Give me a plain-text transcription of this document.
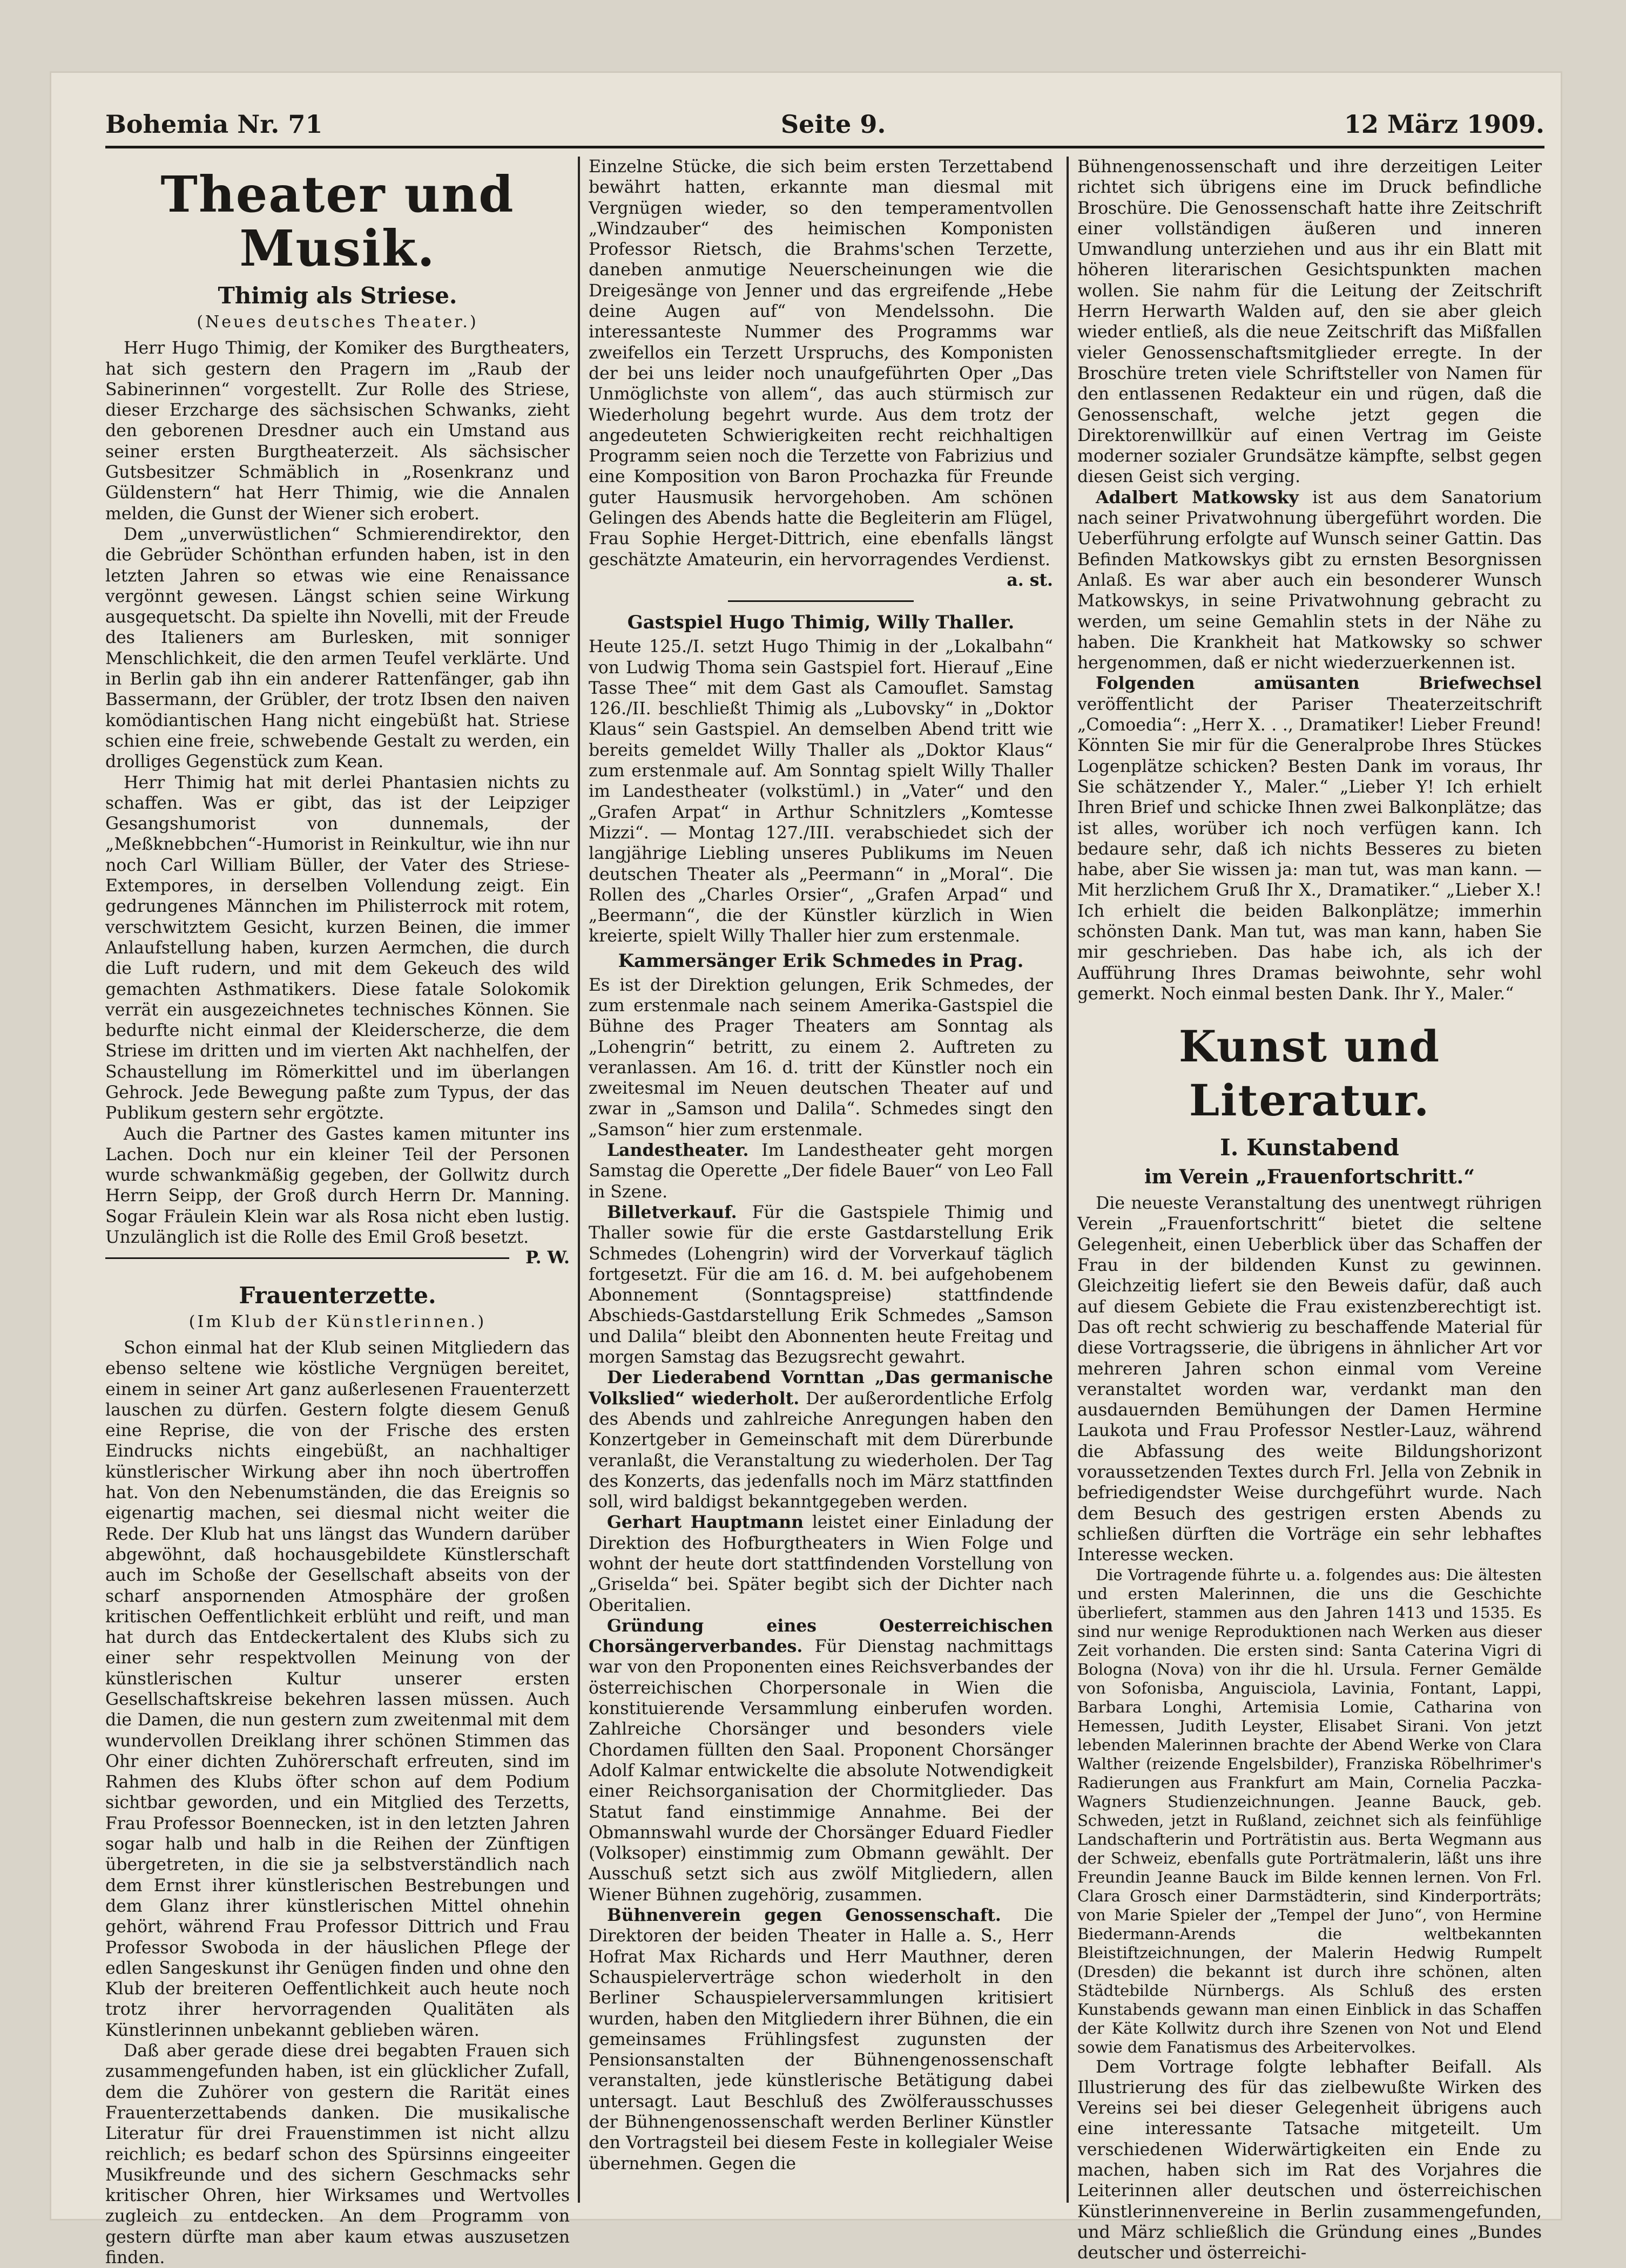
Bohemia Nr. 71	Seite 9.	12 März 1909.
Theater und Musik.
Thimig als Striese.
(Neues deutsches Theater.)

Herr Hugo Thimig, der Komiker des Burgtheaters, hat sich gestern den Pragern im „Raub der Sabinerinnen“ vorgestellt. Zur Rolle des Striese, dieser Erzcharge des sächsischen Schwanks, zieht den geborenen Dresdner auch ein Umstand aus seiner ersten Burgtheaterzeit. Als sächsischer Gutsbesitzer Schmäblich in „Rosenkranz und Güldenstern“ hat Herr Thimig, wie die Annalen melden, die Gunst der Wiener sich erobert.

Dem „unverwüstlichen“ Schmierendirektor, den die Gebrüder Schönthan erfunden haben, ist in den letzten Jahren so etwas wie eine Renaissance vergönnt gewesen. Längst schien seine Wirkung ausgequetscht. Da spielte ihn Novelli, mit der Freude des Italieners am Burlesken, mit sonniger Menschlichkeit, die den armen Teufel verklärte. Und in Berlin gab ihn ein anderer Rattenfänger, gab ihn Bassermann, der Grübler, der trotz Ibsen den naiven komödiantischen Hang nicht eingebüßt hat. Striese schien eine freie, schwebende Gestalt zu werden, ein drolliges Gegenstück zum Kean.

Herr Thimig hat mit derlei Phantasien nichts zu schaffen. Was er gibt, das ist der Leipziger Gesangshumorist von dunnemals, der „Meßknebbchen“-Humorist in Reinkultur, wie ihn nur noch Carl William Büller, der Vater des Striese-Extempores, in derselben Vollendung zeigt. Ein gedrungenes Männchen im Philisterrock mit rotem, verschwitztem Gesicht, kurzen Beinen, die immer Anlaufstellung haben, kurzen Aermchen, die durch die Luft rudern, und mit dem Gekeuch des wild gemachten Asthmatikers. Diese fatale Solokomik verrät ein ausgezeichnetes technisches Können. Sie bedurfte nicht einmal der Kleiderscherze, die dem Striese im dritten und im vierten Akt nachhelfen, der Schaustellung im Römerkittel und im überlangen Gehrock. Jede Bewegung paßte zum Typus, der das Publikum gestern sehr ergötzte.

Auch die Partner des Gastes kamen mitunter ins Lachen. Doch nur ein kleiner Teil der Personen wurde schwankmäßig gegeben, der Gollwitz durch Herrn Seipp, der Groß durch Herrn Dr. Manning. Sogar Fräulein Klein war als Rosa nicht eben lustig. Unzulänglich ist die Rolle des Emil Groß besetzt.

P. W.
Frauenterzette.
(Im Klub der Künstlerinnen.)

Schon einmal hat der Klub seinen Mitgliedern das ebenso seltene wie köstliche Vergnügen bereitet, einem in seiner Art ganz außerlesenen Frauenterzett lauschen zu dürfen. Gestern folgte diesem Genuß eine Reprise, die von der Frische des ersten Eindrucks nichts eingebüßt, an nachhaltiger künstlerischer Wirkung aber ihn noch übertroffen hat. Von den Nebenumständen, die das Ereignis so eigenartig machen, sei diesmal nicht weiter die Rede. Der Klub hat uns längst das Wundern darüber abgewöhnt, daß hochausgebildete Künstlerschaft auch im Schoße der Gesellschaft abseits von der scharf anspornenden Atmosphäre der großen kritischen Oeffentlichkeit erblüht und reift, und man hat durch das Entdeckertalent des Klubs sich zu einer sehr respektvollen Meinung von der künstlerischen Kultur unserer ersten Gesellschaftskreise bekehren lassen müssen. Auch die Damen, die nun gestern zum zweitenmal mit dem wundervollen Dreiklang ihrer schönen Stimmen das Ohr einer dichten Zuhörerschaft erfreuten, sind im Rahmen des Klubs öfter schon auf dem Podium sichtbar geworden, und ein Mitglied des Terzetts, Frau Professor Boennecken, ist in den letzten Jahren sogar halb und halb in die Reihen der Zünftigen übergetreten, in die sie ja selbstverständlich nach dem Ernst ihrer künstlerischen Bestrebungen und dem Glanz ihrer künstlerischen Mittel ohnehin gehört, während Frau Professor Dittrich und Frau Professor Swoboda in der häuslichen Pflege der edlen Sangeskunst ihr Genügen finden und ohne den Klub der breiteren Oeffentlichkeit auch heute noch trotz ihrer hervorragenden Qualitäten als Künstlerinnen unbekannt geblieben wären.

Daß aber gerade diese drei begabten Frauen sich zusammengefunden haben, ist ein glücklicher Zufall, dem die Zuhörer von gestern die Rarität eines Frauenterzettabends danken. Die musikalische Literatur für drei Frauenstimmen ist nicht allzu reichlich; es bedarf schon des Spürsinns eingeeiter Musikfreunde und des sichern Geschmacks sehr kritischer Ohren, hier Wirksames und Wertvolles zugleich zu entdecken. An dem Programm von gestern dürfte man aber kaum etwas auszusetzen finden.

Einzelne Stücke, die sich beim ersten Terzettabend bewährt hatten, erkannte man diesmal mit Vergnügen wieder, so den temperamentvollen „Windzauber“ des heimischen Komponisten Professor Rietsch, die Brahms'schen Terzette, daneben anmutige Neuerscheinungen wie die Dreigesänge von Jenner und das ergreifende „Hebe deine Augen auf“ von Mendelssohn. Die interessanteste Nummer des Programms war zweifellos ein Terzett Urspruchs, des Komponisten der bei uns leider noch unaufgeführten Oper „Das Unmöglichste von allem“, das auch stürmisch zur Wiederholung begehrt wurde. Aus dem trotz der angedeuteten Schwierigkeiten recht reichhaltigen Programm seien noch die Terzette von Fabrizius und eine Komposition von Baron Prochazka für Freunde guter Hausmusik hervorgehoben. Am schönen Gelingen des Abends hatte die Begleiterin am Flügel, Frau Sophie Herget-Dittrich, eine ebenfalls längst geschätzte Amateurin, ein hervorragendes Verdienst.

a. st.

Gastspiel Hugo Thimig, Willy Thaller.

Heute 125./I. setzt Hugo Thimig in der „Lokalbahn“ von Ludwig Thoma sein Gastspiel fort. Hierauf „Eine Tasse Thee“ mit dem Gast als Camouflet. Samstag 126./II. beschließt Thimig als „Lubovsky“ in „Doktor Klaus“ sein Gastspiel. An demselben Abend tritt wie bereits gemeldet Willy Thaller als „Doktor Klaus“ zum erstenmale auf. Am Sonntag spielt Willy Thaller im Landestheater (volkstüml.) in „Vater“ und den „Grafen Arpat“ in Arthur Schnitzlers „Komtesse Mizzi“. — Montag 127./III. verabschiedet sich der langjährige Liebling unseres Publikums im Neuen deutschen Theater als „Peermann“ in „Moral“. Die Rollen des „Charles Orsier“, „Grafen Arpad“ und „Beermann“, die der Künstler kürzlich in Wien kreierte, spielt Willy Thaller hier zum erstenmale.

Kammersänger Erik Schmedes in Prag.

Es ist der Direktion gelungen, Erik Schmedes, der zum erstenmale nach seinem Amerika-Gastspiel die Bühne des Prager Theaters am Sonntag als „Lohengrin“ betritt, zu einem 2. Auftreten zu veranlassen. Am 16. d. tritt der Künstler noch ein zweitesmal im Neuen deutschen Theater auf und zwar in „Samson und Dalila“. Schmedes singt den „Samson“ hier zum erstenmale.

Landestheater. Im Landestheater geht morgen Samstag die Operette „Der fidele Bauer“ von Leo Fall in Szene.

Billetverkauf. Für die Gastspiele Thimig und Thaller sowie für die erste Gastdarstellung Erik Schmedes (Lohengrin) wird der Vorverkauf täglich fortgesetzt. Für die am 16. d. M. bei aufgehobenem Abonnement (Sonntagspreise) stattfindende Abschieds-Gastdarstellung Erik Schmedes „Samson und Dalila“ bleibt den Abonnenten heute Freitag und morgen Samstag das Bezugsrecht gewahrt.

Der Liederabend Vornttan „Das germanische Volkslied“ wiederholt. Der außerordentliche Erfolg des Abends und zahlreiche Anregungen haben den Konzertgeber in Gemeinschaft mit dem Dürerbunde veranlaßt, die Veranstaltung zu wiederholen. Der Tag des Konzerts, das jedenfalls noch im März stattfinden soll, wird baldigst bekanntgegeben werden.

Gerhart Hauptmann leistet einer Einladung der Direktion des Hofburgtheaters in Wien Folge und wohnt der heute dort stattfindenden Vorstellung von „Griselda“ bei. Später begibt sich der Dichter nach Oberitalien.

Gründung eines Oesterreichischen Chorsängerverbandes. Für Dienstag nachmittags war von den Proponenten eines Reichsverbandes der österreichischen Chorpersonale in Wien die konstituierende Versammlung einberufen worden. Zahlreiche Chorsänger und besonders viele Chordamen füllten den Saal. Proponent Chorsänger Adolf Kalmar entwickelte die absolute Notwendigkeit einer Reichsorganisation der Chormitglieder. Das Statut fand einstimmige Annahme. Bei der Obmannswahl wurde der Chorsänger Eduard Fiedler (Volksoper) einstimmig zum Obmann gewählt. Der Ausschuß setzt sich aus zwölf Mitgliedern, allen Wiener Bühnen zugehörig, zusammen.

Bühnenverein gegen Genossenschaft. Die Direktoren der beiden Theater in Halle a. S., Herr Hofrat Max Richards und Herr Mauthner, deren Schauspielerverträge schon wiederholt in den Berliner Schauspielerversammlungen kritisiert wurden, haben den Mitgliedern ihrer Bühnen, die ein gemeinsames Frühlingsfest zugunsten der Pensionsanstalten der Bühnengenossenschaft veranstalten, jede künstlerische Betätigung dabei untersagt. Laut Beschluß des Zwölferausschusses der Bühnengenossenschaft werden Berliner Künstler den Vortragsteil bei diesem Feste in kollegialer Weise übernehmen. Gegen die

Bühnengenossenschaft und ihre derzeitigen Leiter richtet sich übrigens eine im Druck befindliche Broschüre. Die Genossenschaft hatte ihre Zeitschrift einer vollständigen äußeren und inneren Umwandlung unterziehen und aus ihr ein Blatt mit höheren literarischen Gesichtspunkten machen wollen. Sie nahm für die Leitung der Zeitschrift Herrn Herwarth Walden auf, den sie aber gleich wieder entließ, als die neue Zeitschrift das Mißfallen vieler Genossenschaftsmitglieder erregte. In der Broschüre treten viele Schriftsteller von Namen für den entlassenen Redakteur ein und rügen, daß die Genossenschaft, welche jetzt gegen die Direktorenwillkür auf einen Vertrag im Geiste moderner sozialer Grundsätze kämpfte, selbst gegen diesen Geist sich verging.

Adalbert Matkowsky ist aus dem Sanatorium nach seiner Privatwohnung übergeführt worden. Die Ueberführung erfolgte auf Wunsch seiner Gattin. Das Befinden Matkowskys gibt zu ernsten Besorgnissen Anlaß. Es war aber auch ein besonderer Wunsch Matkowskys, in seine Privatwohnung gebracht zu werden, um seine Gemahlin stets in der Nähe zu haben. Die Krankheit hat Matkowsky so schwer hergenommen, daß er nicht wiederzuerkennen ist.

Folgenden amüsanten Briefwechsel veröffentlicht der Pariser Theaterzeitschrift „Comoedia“: „Herr X. . ., Dramatiker! Lieber Freund! Könnten Sie mir für die Generalprobe Ihres Stückes Logenplätze schicken? Besten Dank im voraus, Ihr Sie schätzender Y., Maler.“ „Lieber Y! Ich erhielt Ihren Brief und schicke Ihnen zwei Balkonplätze; das ist alles, worüber ich noch verfügen kann. Ich bedaure sehr, daß ich nichts Besseres zu bieten habe, aber Sie wissen ja: man tut, was man kann. — Mit herzlichem Gruß Ihr X., Dramatiker.“ „Lieber X.! Ich erhielt die beiden Balkonplätze; immerhin schönsten Dank. Man tut, was man kann, haben Sie mir geschrieben. Das habe ich, als ich der Aufführung Ihres Dramas beiwohnte, sehr wohl gemerkt. Noch einmal besten Dank. Ihr Y., Maler.“

Kunst und Literatur.
I. Kunstabend
im Verein „Frauenfortschritt.“

Die neueste Veranstaltung des unentwegt rührigen Verein „Frauenfortschritt“ bietet die seltene Gelegenheit, einen Ueberblick über das Schaffen der Frau in der bildenden Kunst zu gewinnen. Gleichzeitig liefert sie den Beweis dafür, daß auch auf diesem Gebiete die Frau existenzberechtigt ist. Das oft recht schwierig zu beschaffende Material für diese Vortragsserie, die übrigens in ähnlicher Art vor mehreren Jahren schon einmal vom Vereine veranstaltet worden war, verdankt man den ausdauernden Bemühungen der Damen Hermine Laukota und Frau Professor Nestler-Lauz, während die Abfassung des weite Bildungshorizont voraussetzenden Textes durch Frl. Jella von Zebnik in befriedigendster Weise durchgeführt wurde. Nach dem Besuch des gestrigen ersten Abends zu schließen dürften die Vorträge ein sehr lebhaftes Interesse wecken.

Die Vortragende führte u. a. folgendes aus: Die ältesten und ersten Malerinnen, die uns die Geschichte überliefert, stammen aus den Jahren 1413 und 1535. Es sind nur wenige Reproduktionen nach Werken aus dieser Zeit vorhanden. Die ersten sind: Santa Caterina Vigri di Bologna (Nova) von ihr die hl. Ursula. Ferner Gemälde von Sofonisba, Anguisciola, Lavinia, Fontant, Lappi, Barbara Longhi, Artemisia Lomie, Catharina von Hemessen, Judith Leyster, Elisabet Sirani. Von jetzt lebenden Malerinnen brachte der Abend Werke von Clara Walther (reizende Engelsbilder), Franziska Röbelhrimer's Radierungen aus Frankfurt am Main, Cornelia Paczka-Wagners Studienzeichnungen. Jeanne Bauck, geb. Schweden, jetzt in Rußland, zeichnet sich als feinfühlige Landschafterin und Porträtistin aus. Berta Wegmann aus der Schweiz, ebenfalls gute Porträtmalerin, läßt uns ihre Freundin Jeanne Bauck im Bilde kennen lernen. Von Frl. Clara Grosch einer Darmstädterin, sind Kinderporträts; von Marie Spieler der „Tempel der Juno“, von Hermine Biedermann-Arends die weltbekannten Bleistiftzeichnungen, der Malerin Hedwig Rumpelt (Dresden) die bekannt ist durch ihre schönen, alten Städtebilde Nürnbergs. Als Schluß des ersten Kunstabends gewann man einen Einblick in das Schaffen der Käte Kollwitz durch ihre Szenen von Not und Elend sowie dem Fanatismus des Arbeitervolkes.

Dem Vortrage folgte lebhafter Beifall. Als Illustrierung des für das zielbewußte Wirken des Vereins sei bei dieser Gelegenheit übrigens auch eine interessante Tatsache mitgeteilt. Um verschiedenen Widerwärtigkeiten ein Ende zu machen, haben sich im Rat des Vorjahres die Leiterinnen aller deutschen und österreichischen Künstlerinnenvereine in Berlin zusammengefunden, und März schließlich die Gründung eines „Bundes deutscher und österreichi-
